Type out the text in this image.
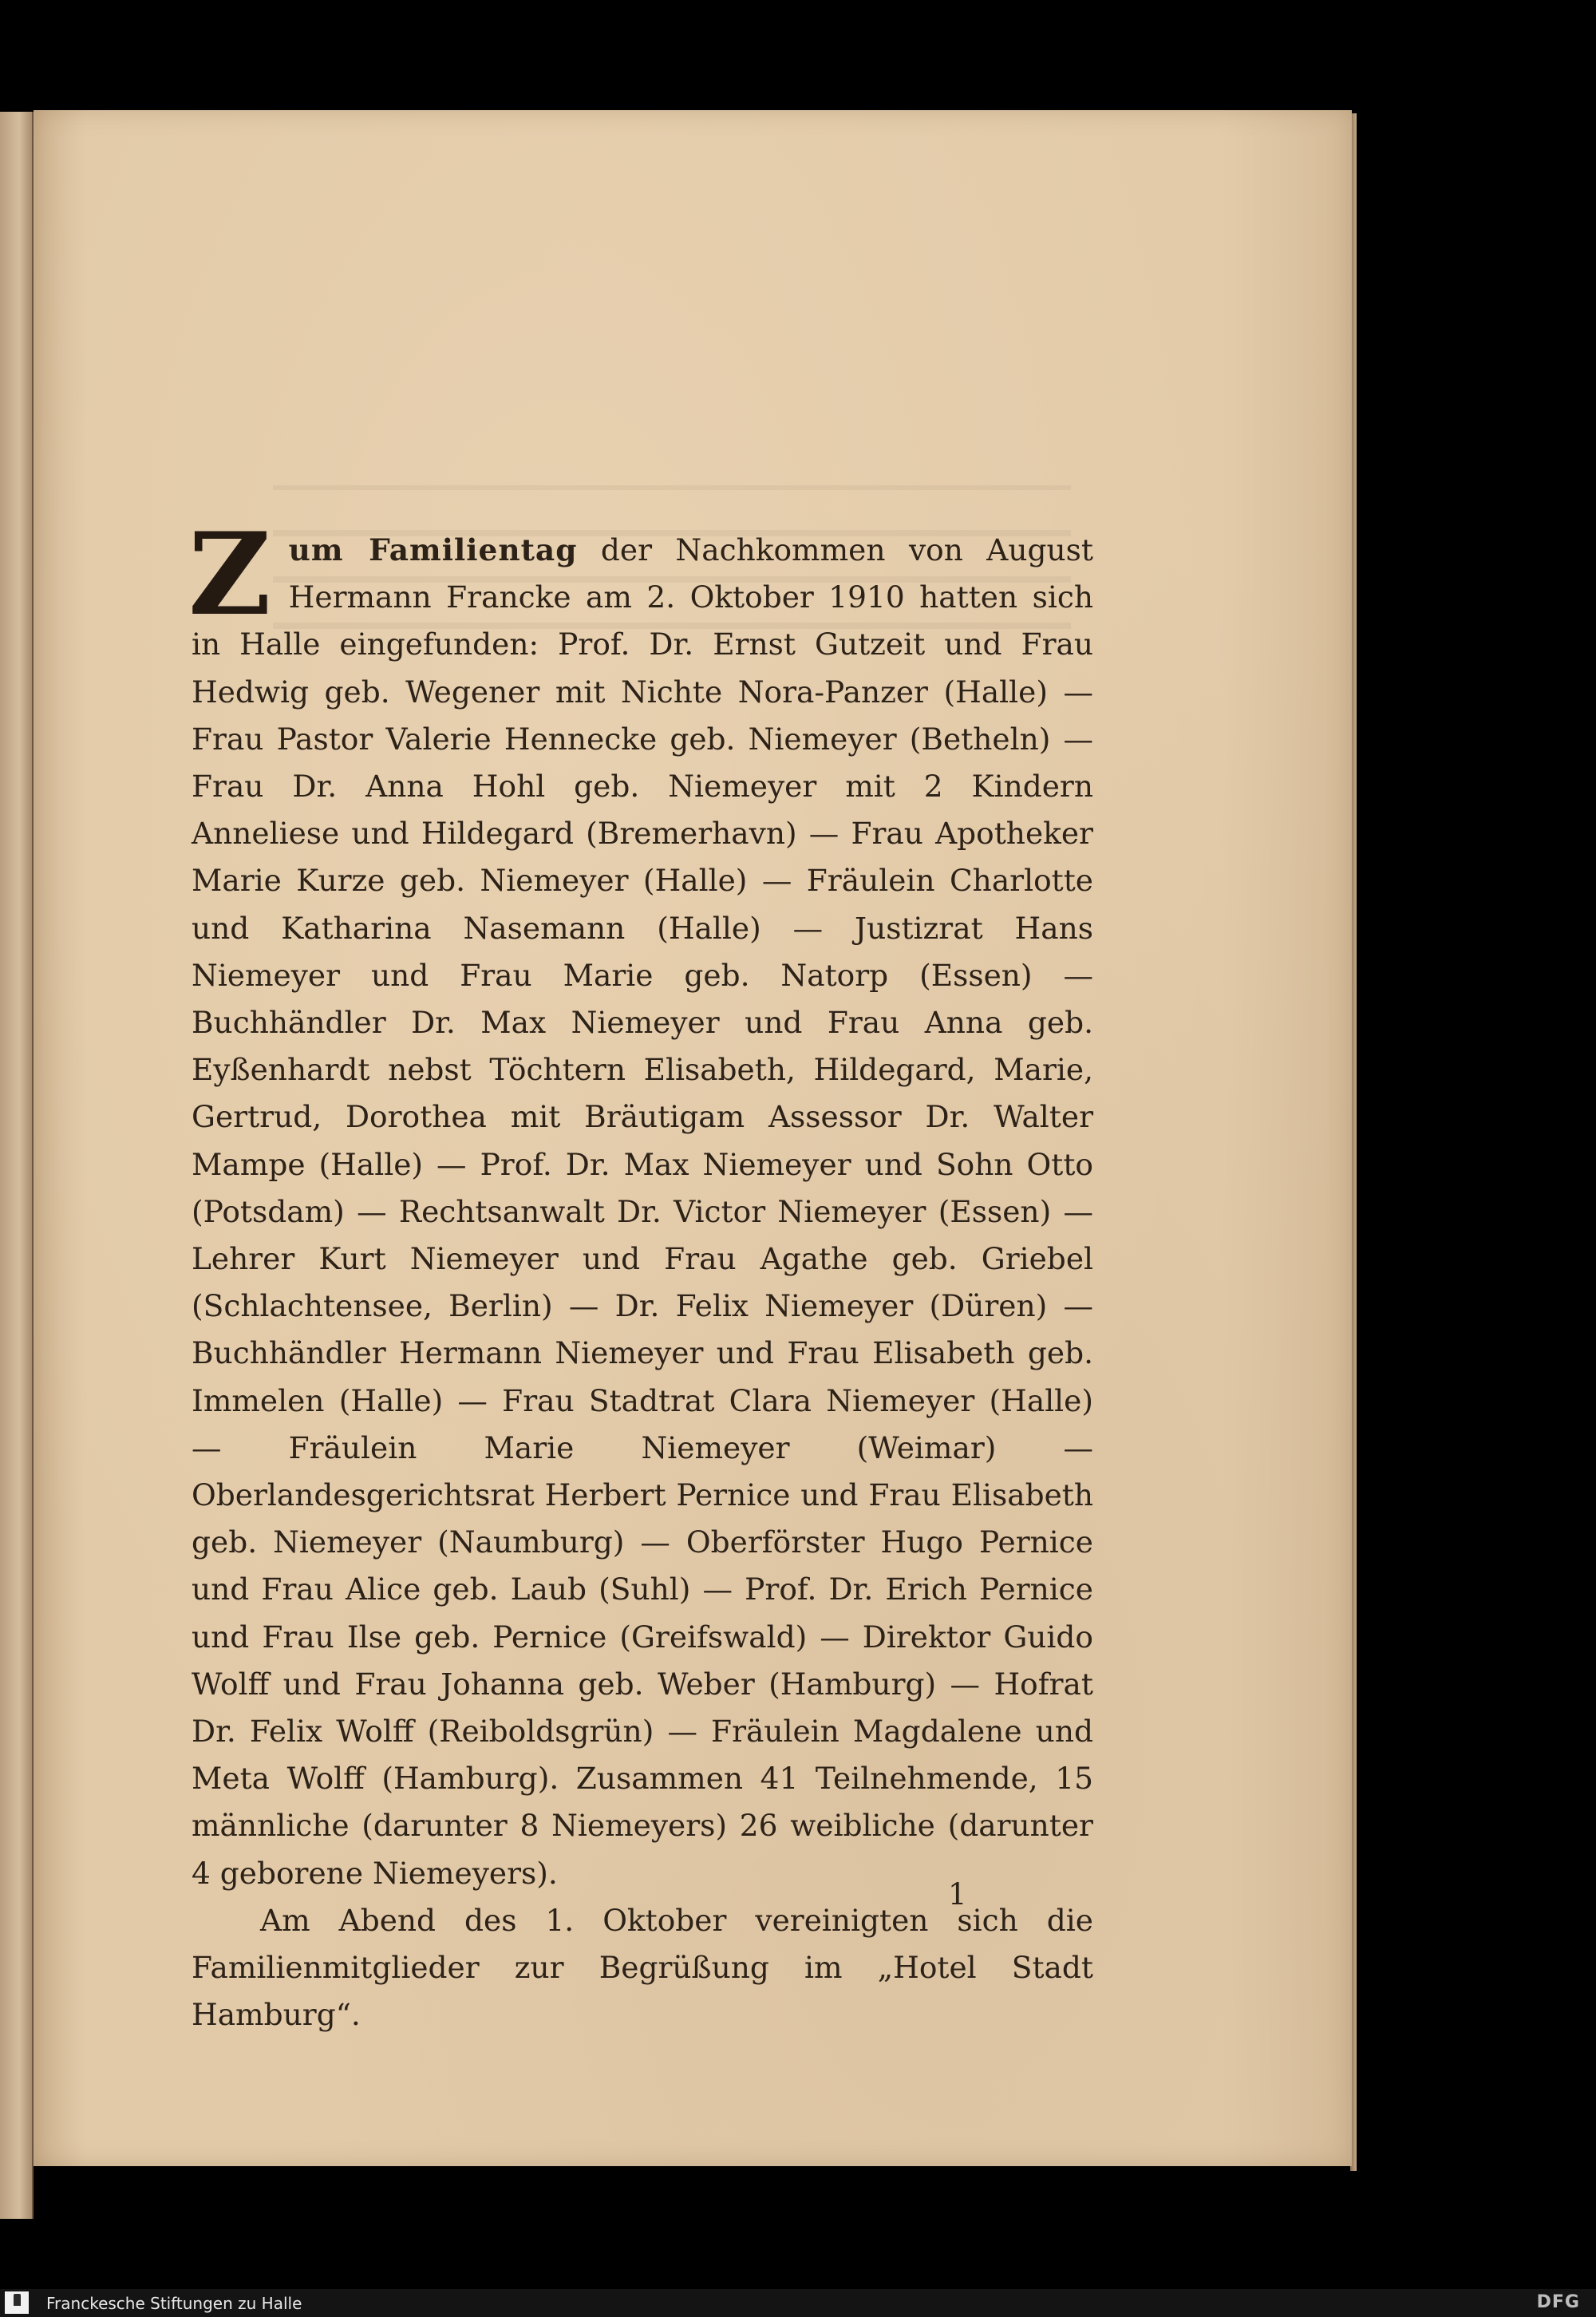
Zum Familientag der Nachkommen von August Hermann Francke am 2. Oktober 1910 hatten sich in Halle eingefunden: Prof. Dr. Ernst Gutzeit und Frau Hedwig geb. Wegener mit Nichte Nora-Panzer (Halle) — Frau Pastor Valerie Hennecke geb. Niemeyer (Betheln) — Frau Dr. Anna Hohl geb. Niemeyer mit 2 Kindern Anneliese und Hildegard (Bremerhavn) — Frau Apotheker Marie Kurze geb. Niemeyer (Halle) — Fräulein Charlotte und Katharina Nasemann (Halle) — Justizrat Hans Niemeyer und Frau Marie geb. Natorp (Essen) — Buchhändler Dr. Max Niemeyer und Frau Anna geb. Eyßenhardt nebst Töchtern Elisabeth, Hildegard, Marie, Gertrud, Dorothea mit Bräutigam Assessor Dr. Walter Mampe (Halle) — Prof. Dr. Max Niemeyer und Sohn Otto (Potsdam) — Rechtsanwalt Dr. Victor Niemeyer (Essen) — Lehrer Kurt Niemeyer und Frau Agathe geb. Griebel (Schlachtensee, Berlin) — Dr. Felix Niemeyer (Düren) — Buchhändler Hermann Niemeyer und Frau Elisabeth geb. Immelen (Halle) — Frau Stadtrat Clara Niemeyer (Halle) — Fräulein Marie Niemeyer (Weimar) — Oberlandesgerichtsrat Herbert Pernice und Frau Elisabeth geb. Niemeyer (Naumburg) — Oberförster Hugo Pernice und Frau Alice geb. Laub (Suhl) — Prof. Dr. Erich Pernice und Frau Ilse geb. Pernice (Greifswald) — Direktor Guido Wolff und Frau Johanna geb. Weber (Hamburg) — Hofrat Dr. Felix Wolff (Reiboldsgrün) — Fräulein Magdalene und Meta Wolff (Hamburg). Zusammen 41 Teilnehmende, 15 männliche (darunter 8 Niemeyers) 26 weibliche (darunter 4 geborene Niemeyers).

Am Abend des 1. Oktober vereinigten sich die Familienmitglieder zur Begrüßung im „Hotel Stadt Hamburg“.

1
Franckesche Stiftungen zu Halle	DFG
